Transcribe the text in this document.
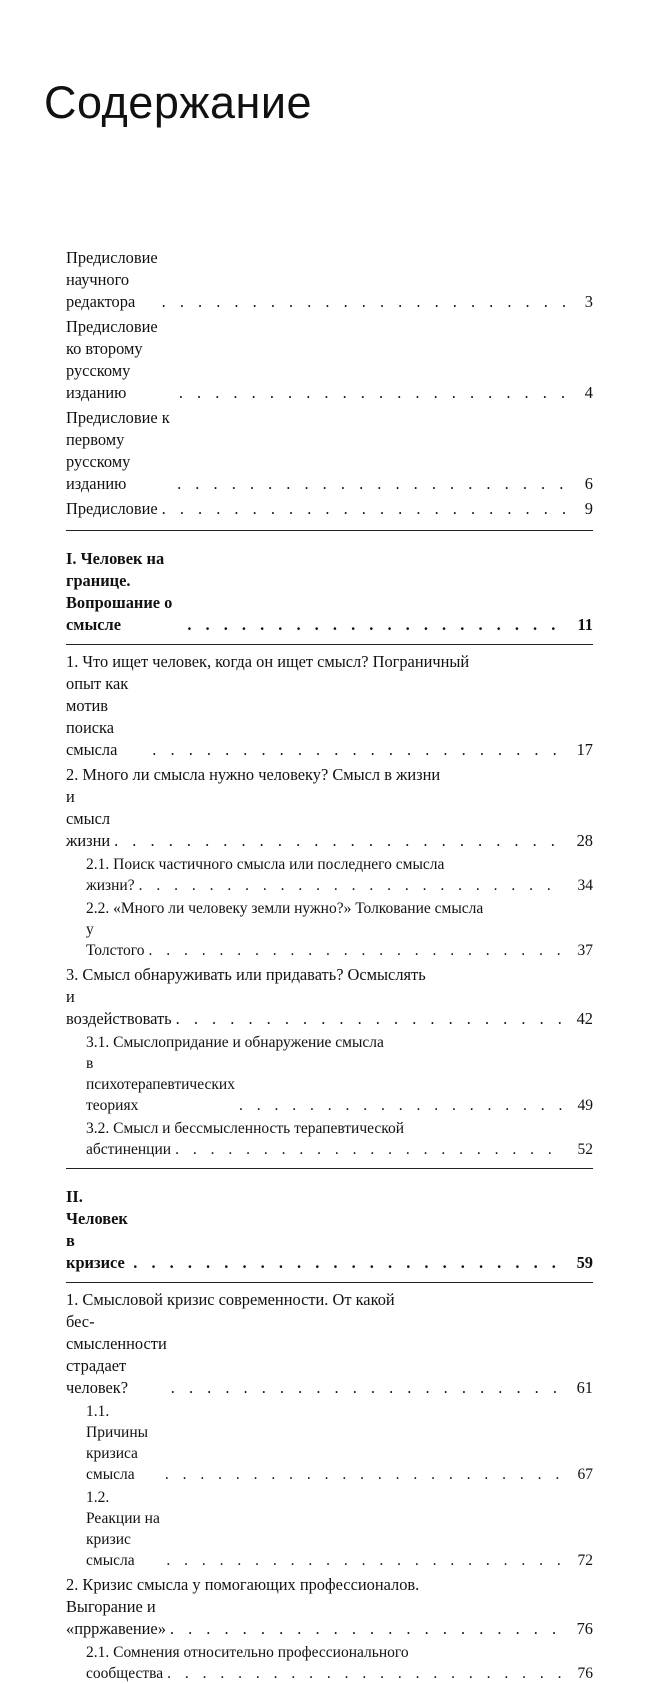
Содержание
Предисловие научного редактора . . .	3
Предисловие ко второму русскому изданию . . .	4
Предисловие к первому русскому изданию . . .	6
Предисловие . . .	9
I. Человек на границе. Вопрошание о смысле . . .	11
1. Что ищет человек, когда он ищет смысл? Пограничный
опыт как мотив поиска смысла . . .	17
2. Много ли смысла нужно человеку? Смысл в жизни
и смысл жизни . . .	28
2.1. Поиск частичного смысла или последнего смысла
жизни? . . .	34
2.2. «Много ли человеку земли нужно?» Толкование смысла
у Толстого . . .	37
3. Смысл обнаруживать или придавать? Осмыслять
и воздействовать . . .	42
3.1. Смыслопридание и обнаружение смысла
в психотерапевтических теориях . . .	49
3.2. Смысл и бессмысленность терапевтической
абстиненции . . .	52
II. Человек в кризисе . . .	59
1. Смысловой кризис современности. От какой
бес-смысленности страдает человек? . . .	61
1.1. Причины кризиса смысла . . .	67
1.2. Реакции на кризис смысла . . .	72
2. Кризис смысла у помогающих профессионалов.
Выгорание и «прржавение» . . .	76
2.1. Сомнения относительно профессионального
сообщества . . .	76
